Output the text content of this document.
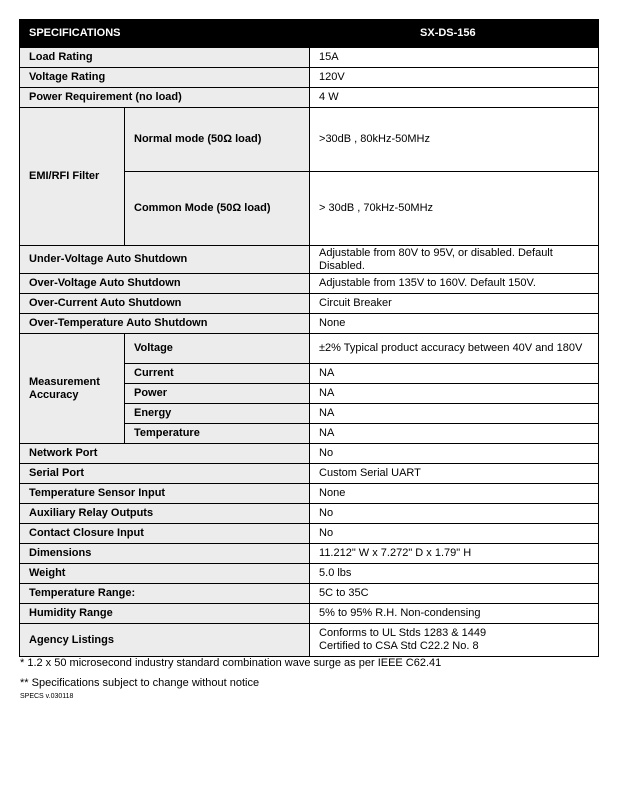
SPECIFICATIONS		SX-DS-156
Load Rating		15A
Voltage Rating		120V
Power Requirement (no load)		4 W
EMI/RFI Filter	Normal mode (50Ω load)	>30dB , 80kHz-50MHz
	Common Mode (50Ω load)	> 30dB , 70kHz-50MHz
Under-Voltage Auto Shutdown		Adjustable from 80V to 95V, or disabled. Default
Disabled.

Over-Voltage Auto Shutdown		Adjustable from 135V to 160V. Default 150V.
Over-Current Auto Shutdown		Circuit Breaker
Over-Temperature Auto Shutdown		None

Measurement
Accuracy	Voltage	±2% Typical product accuracy between 40V and 180V
	Current	NA
	Power	NA
	Energy	NA
	Temperature	NA
Network Port		No
Serial Port		Custom Serial UART
Temperature Sensor Input		None
Auxiliary Relay Outputs		No
Contact Closure Input		No
Dimensions		11.212" W x 7.272" D x 1.79" H
Weight		5.0 lbs
Temperature Range:		5C to 35C
Humidity Range		5% to 95% R.H. Non-condensing
Agency Listings		Conforms to UL Stds 1283 & 1449
Certified to CSA Std C22.2 No. 8
* 1.2 x 50 microsecond industry standard combination wave surge as per IEEE C62.41
** Specifications subject to change without notice
SPECS v.030118
